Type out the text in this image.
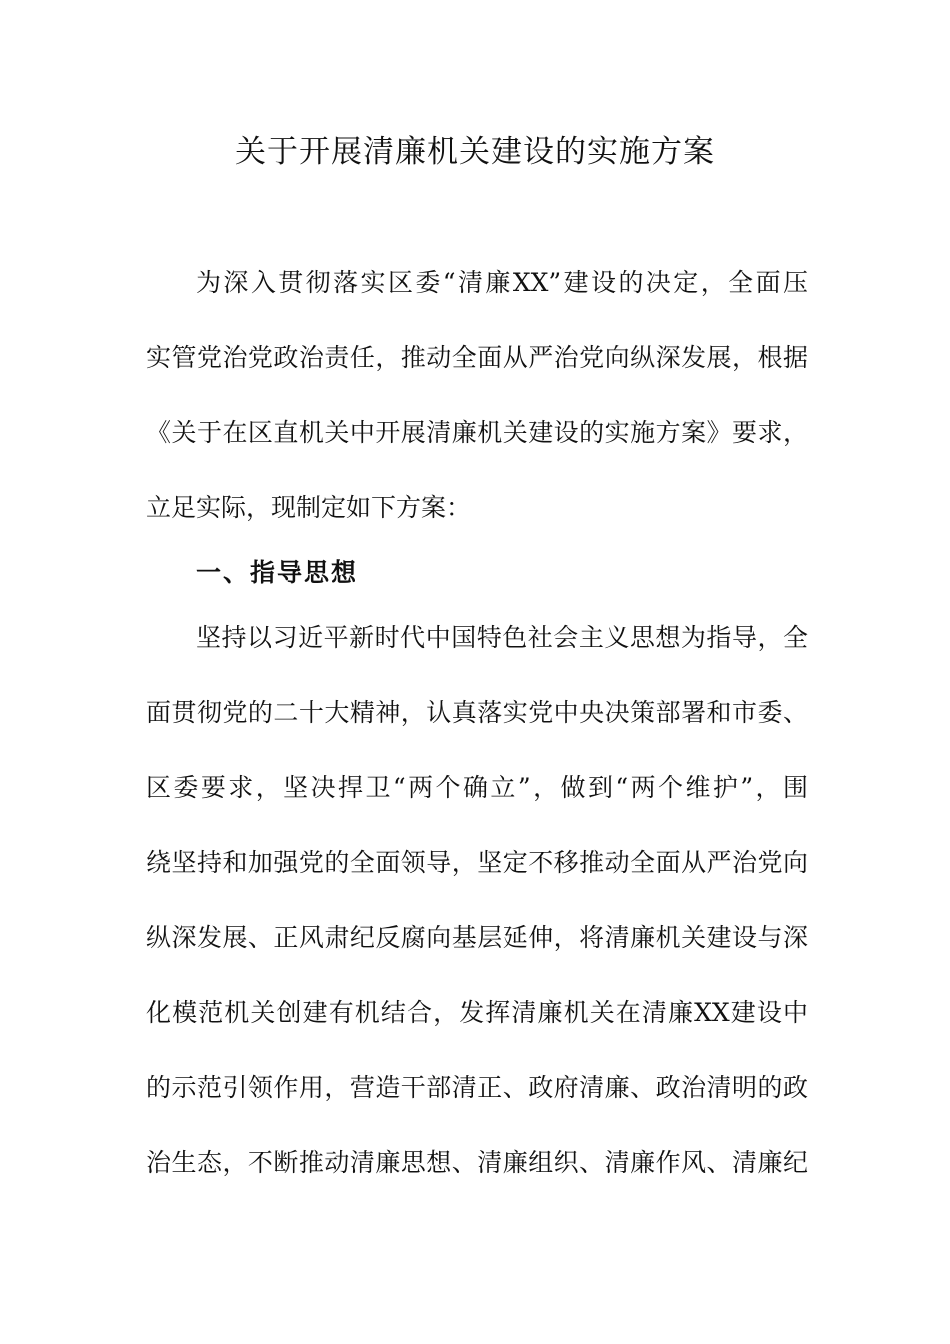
关于开展清廉机关建设的实施方案
为深入贯彻落实区委“清廉XX”建设的决定，全面压
实管党治党政治责任，推动全面从严治党向纵深发展，根据
《关于在区直机关中开展清廉机关建设的实施方案》要求，
立足实际，现制定如下方案：
一、指导思想
坚持以习近平新时代中国特色社会主义思想为指导，全
面贯彻党的二十大精神，认真落实党中央决策部署和市委、
区委要求，坚决捍卫“两个确立”，做到“两个维护”，围
绕坚持和加强党的全面领导，坚定不移推动全面从严治党向
纵深发展、正风肃纪反腐向基层延伸，将清廉机关建设与深
化模范机关创建有机结合，发挥清廉机关在清廉XX建设中
的示范引领作用，营造干部清正、政府清廉、政治清明的政
治生态，不断推动清廉思想、清廉组织、清廉作风、清廉纪
